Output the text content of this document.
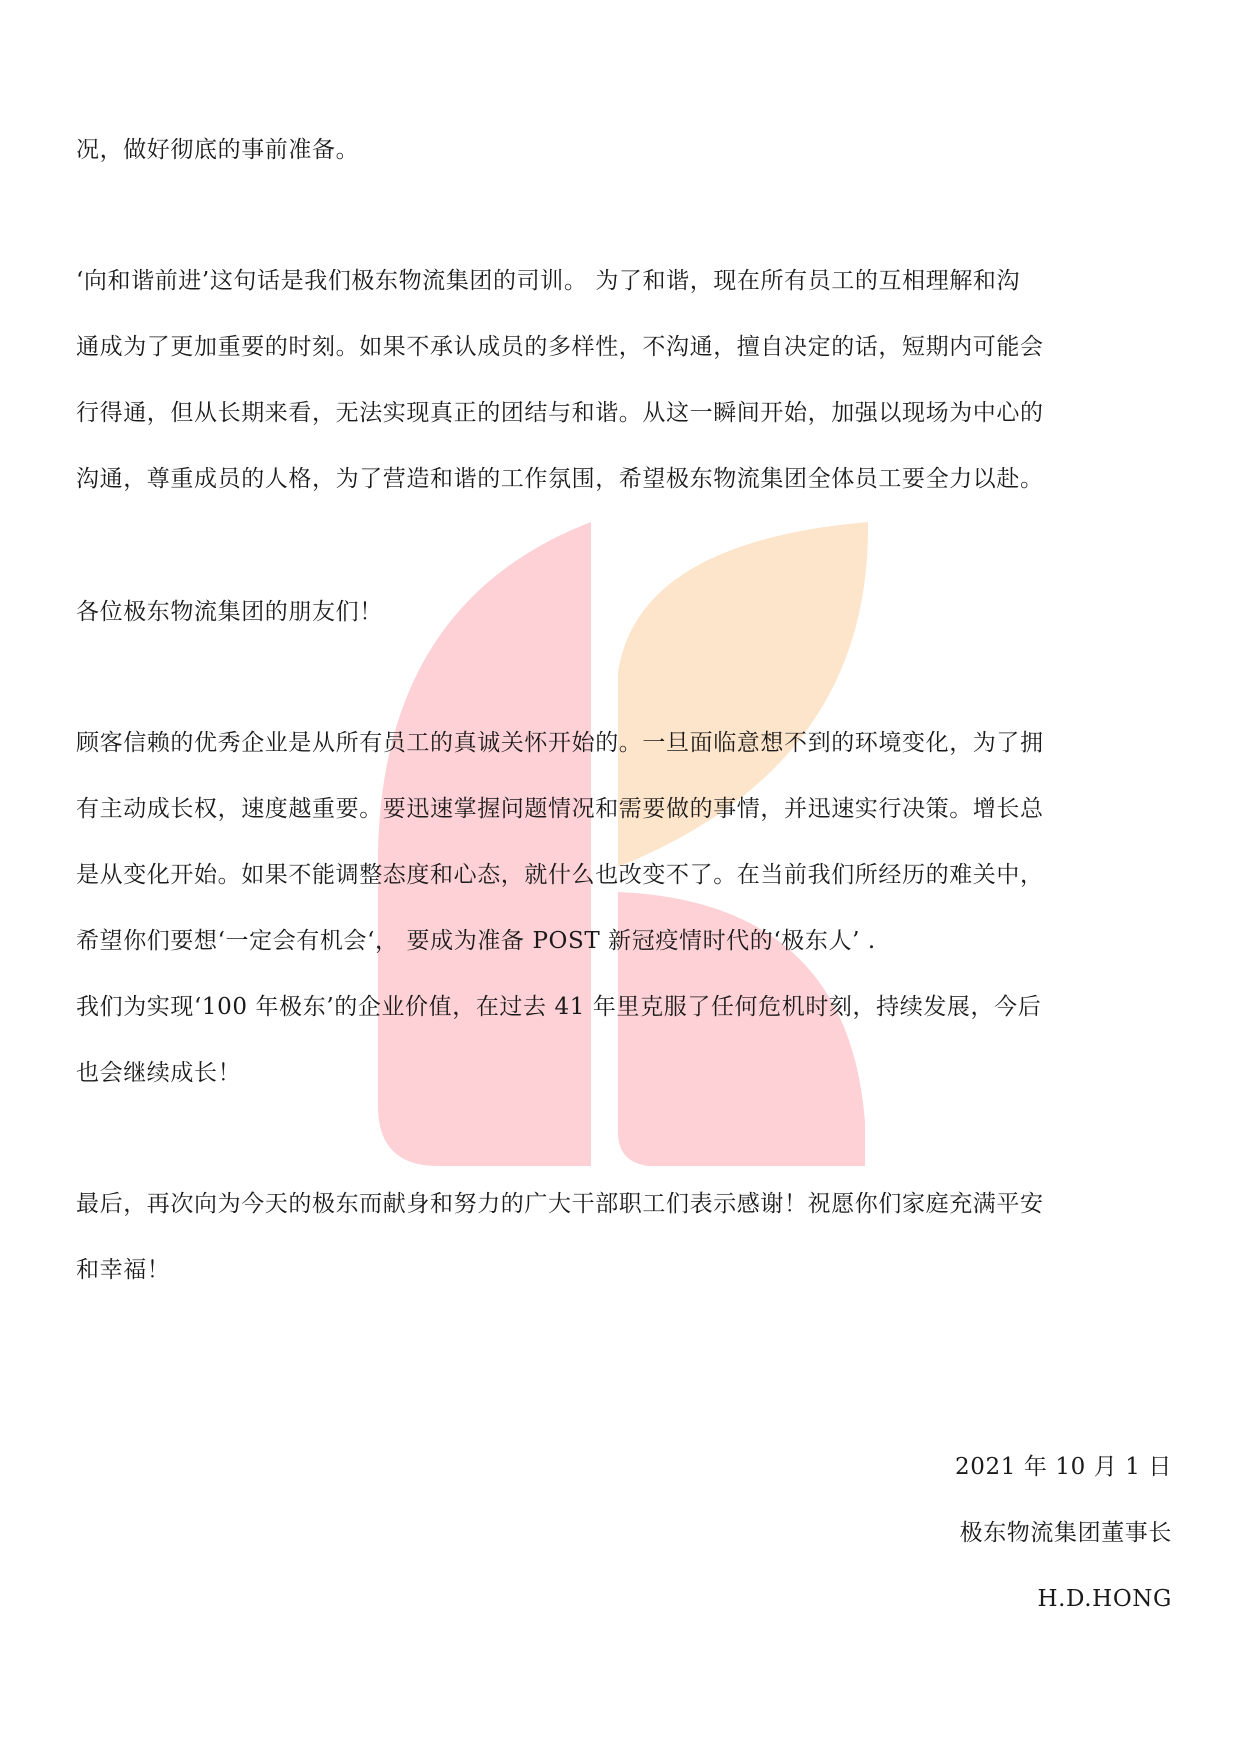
况，做好彻底的事前准备。
‘向和谐前进’这句话是我们极东物流集团的司训。 为了和谐，现在所有员工的互相理解和沟
通成为了更加重要的时刻。如果不承认成员的多样性，不沟通，擅自决定的话，短期内可能会
行得通，但从长期来看，无法实现真正的团结与和谐。从这一瞬间开始，加强以现场为中心的
沟通，尊重成员的人格，为了营造和谐的工作氛围，希望极东物流集团全体员工要全力以赴。
各位极东物流集团的朋友们！
顾客信赖的优秀企业是从所有员工的真诚关怀开始的。一旦面临意想不到的环境变化，为了拥
有主动成长权，速度越重要。要迅速掌握问题情况和需要做的事情，并迅速实行决策。增长总
是从变化开始。如果不能调整态度和心态，就什么也改变不了。在当前我们所经历的难关中，
希望你们要想‘一定会有机会‘， 要成为准备 POST 新冠疫情时代的‘极东人’ .
我们为实现‘100 年极东’的企业价值，在过去 41 年里克服了任何危机时刻，持续发展，今后
也会继续成长！
最后，再次向为今天的极东而献身和努力的广大干部职工们表示感谢！祝愿你们家庭充满平安
和幸福！
2021 年 10 月 1 日
极东物流集团董事长
H.D.HONG
